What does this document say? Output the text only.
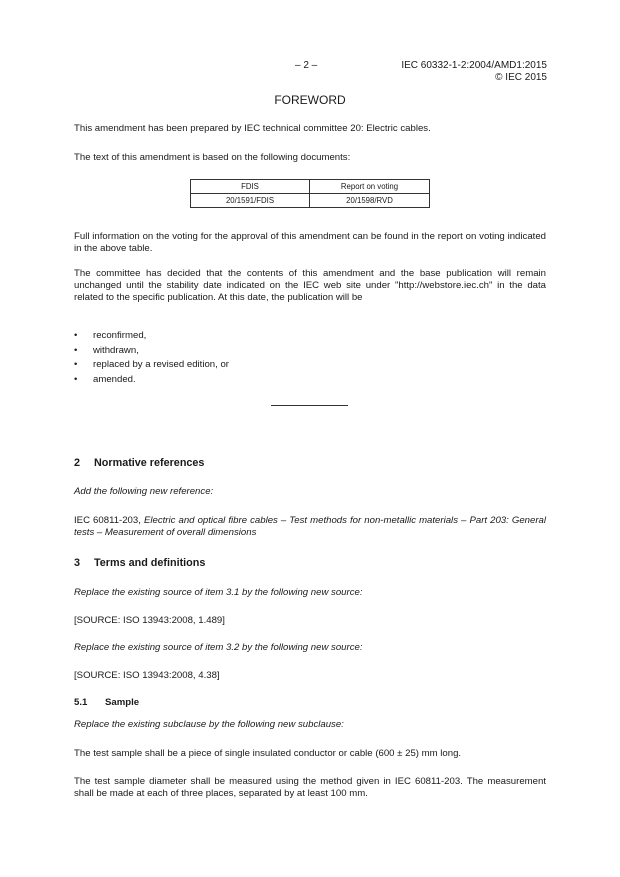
– 2 –	IEC 60332-1-2:2004/AMD1:2015
© IEC 2015
FOREWORD
This amendment has been prepared by IEC technical committee 20: Electric cables.
The text of this amendment is based on the following documents:
FDIS	Report on voting
20/1591/FDIS	20/1598/RVD
Full information on the voting for the approval of this amendment can be found in the report on voting indicated in the above table.
The committee has decided that the contents of this amendment and the base publication will remain unchanged until the stability date indicated on the IEC web site under "http://webstore.iec.ch" in the data related to the specific publication. At this date, the publication will be
• reconfirmed,
• withdrawn,
• replaced by a revised edition, or
• amended.
2 Normative references
Add the following new reference:
IEC 60811-203, Electric and optical fibre cables – Test methods for non-metallic materials – Part 203: General tests – Measurement of overall dimensions
3 Terms and definitions
Replace the existing source of item 3.1 by the following new source:
[SOURCE: ISO 13943:2008, 1.489]
Replace the existing source of item 3.2 by the following new source:
[SOURCE: ISO 13943:2008, 4.38]
5.1 Sample
Replace the existing subclause by the following new subclause:
The test sample shall be a piece of single insulated conductor or cable (600 ± 25) mm long.
The test sample diameter shall be measured using the method given in IEC 60811-203. The measurement shall be made at each of three places, separated by at least 100 mm.
